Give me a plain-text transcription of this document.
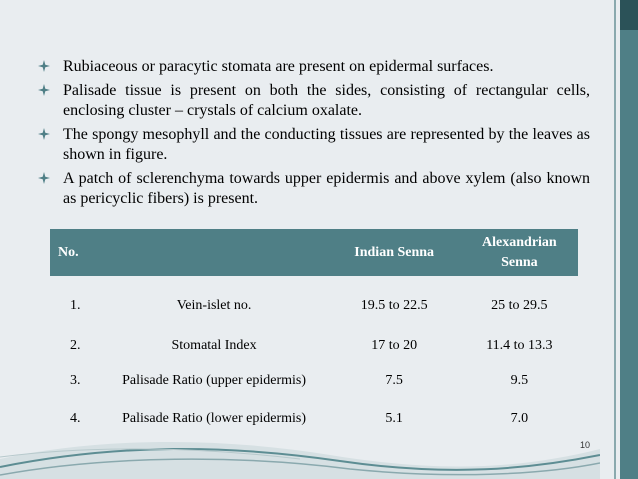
Rubiaceous or paracytic stomata are present on epidermal surfaces.
Palisade tissue is present on both the sides, consisting of rectangular cells, enclosing cluster – crystals of calcium oxalate.
The spongy mesophyll and the conducting tissues are represented by the leaves as shown in figure.
A patch of sclerenchyma towards upper epidermis and above xylem (also known as pericyclic fibers) is present.
No.		Indian Senna	Alexandrian Senna
1.	Vein-islet no.	19.5 to 22.5	25 to 29.5
2.	Stomatal Index	17 to 20	11.4 to 13.3
3.	Palisade Ratio (upper epidermis)	7.5	9.5
4.	Palisade Ratio (lower epidermis)	5.1	7.0
10
